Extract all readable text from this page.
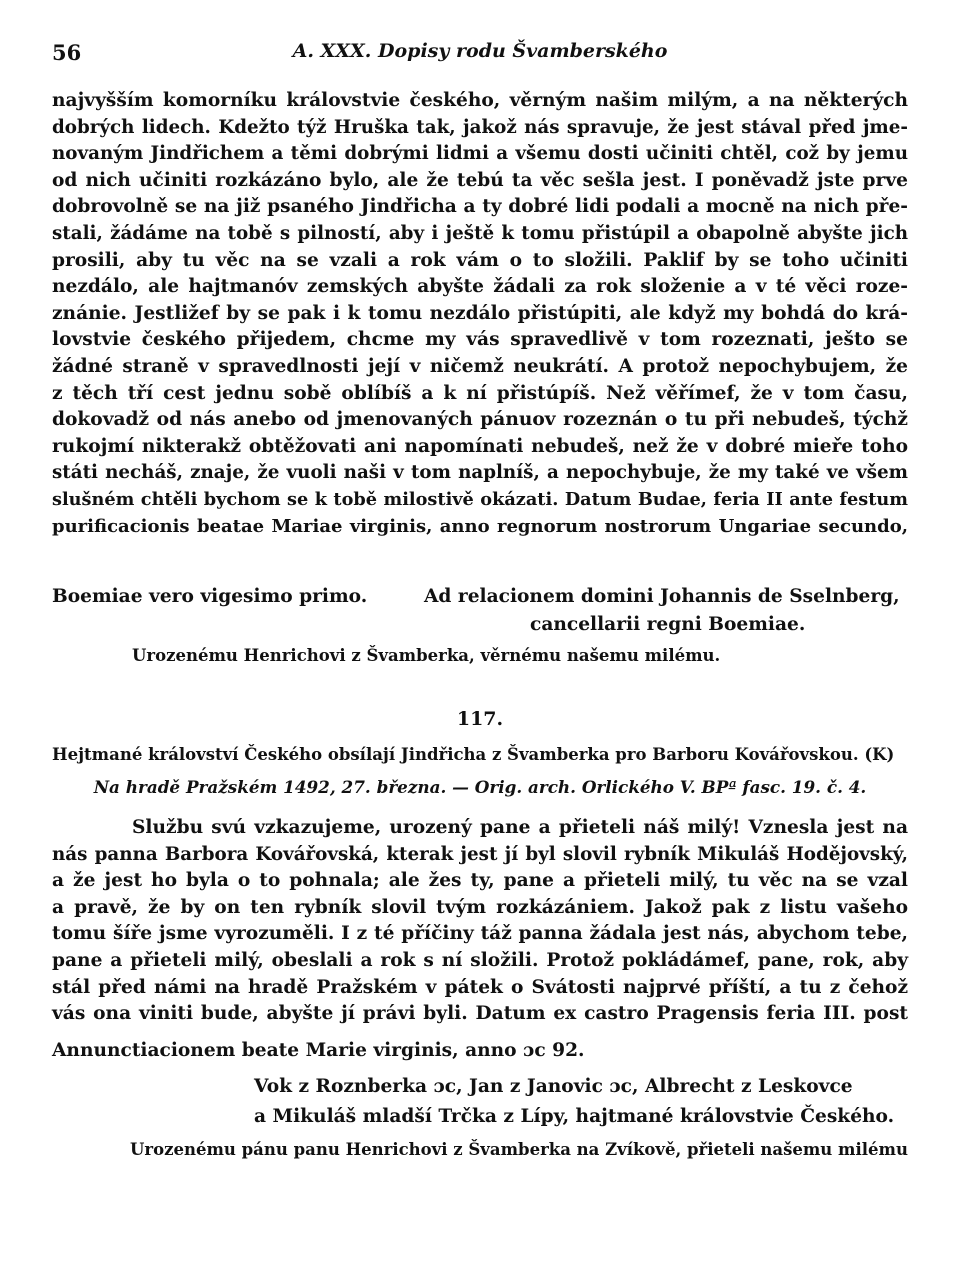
56	A. XXX. Dopisy rodu Švamberského
najvyšším komorníku královstvie českého, věrným našim milým, a na některých
dobrých lidech. Kdežto týž Hruška tak, jakož nás spravuje, že jest stával před jme-
novaným Jindřichem a těmi dobrými lidmi a všemu dosti učiniti chtěl, což by jemu
od nich učiniti rozkázáno bylo, ale že tebú ta věc sešla jest. I poněvadž jste prve
dobrovolně se na již psaného Jindřicha a ty dobré lidi podali a mocně na nich pře-
stali, žádáme na tobě s pilností, aby i ještě k tomu přistúpil a obapolně abyšte jich
prosili, aby tu věc na se vzali a rok vám o to složili. Paklif by se toho učiniti
nezdálo, ale hajtmanóv zemských abyšte žádali za rok složenie a v té věci roze-
znánie. Jestližef by se pak i k tomu nezdálo přistúpiti, ale když my bohdá do krá-
lovstvie českého přijedem, chcme my vás spravedlivě v tom rozeznati, ješto se
žádné straně v spravedlnosti její v ničemž neukrátí. A protož nepochybujem, že
z těch tří cest jednu sobě oblíbíš a k ní přistúpíš. Než věřímef, že v tom času,
dokovadž od nás anebo od jmenovaných pánuov rozeznán o tu při nebudeš, týchž
rukojmí nikterakž obtěžovati ani napomínati nebudeš, než že v dobré mieře toho
státi necháš, znaje, že vuoli naši v tom naplníš, a nepochybuje, že my také ve všem
slušném chtěli bychom se k tobě milostivě okázati. Datum Budae, feria II ante festum
purificacionis beatae Mariae virginis, anno regnorum nostrorum Ungariae secundo,
Boemiae vero vigesimo primo.	Ad relacionem domini Johannis de Sselnberg,
cancellarii regni Boemiae.
Urozenému Henrichovi z Švamberka, věrnému našemu milému.
117.
Hejtmané království Českého obsílají Jindřicha z Švamberka pro Barboru Kovářovskou. (K)
Na hradě Pražském 1492, 27. března. — Orig. arch. Orlického V. BPª fasc. 19. č. 4.
Službu svú vzkazujeme, urozený pane a přieteli náš milý! Vznesla jest na
nás panna Barbora Kovářovská, kterak jest jí byl slovil rybník Mikuláš Hodějovský,
a že jest ho byla o to pohnala; ale žes ty, pane a přieteli milý, tu věc na se vzal
a pravě, že by on ten rybník slovil tvým rozkázániem. Jakož pak z listu vašeho
tomu šíře jsme vyrozuměli. I z té příčiny táž panna žádala jest nás, abychom tebe,
pane a přieteli milý, obeslali a rok s ní složili. Protož pokládámef, pane, rok, aby
stál před námi na hradě Pražském v pátek o Svátosti najprvé příští, a tu z čehož
vás ona viniti bude, abyšte jí právi byli. Datum ex castro Pragensis feria III. post
Annunctiacionem beate Marie virginis, anno ɔc 92.
Vok z Roznberka ɔc, Jan z Janovic ɔc, Albrecht z Leskovce
a Mikuláš mladší Trčka z Lípy, hajtmané královstvie Českého.
Urozenému pánu panu Henrichovi z Švamberka na Zvíkově, přieteli našemu milému
